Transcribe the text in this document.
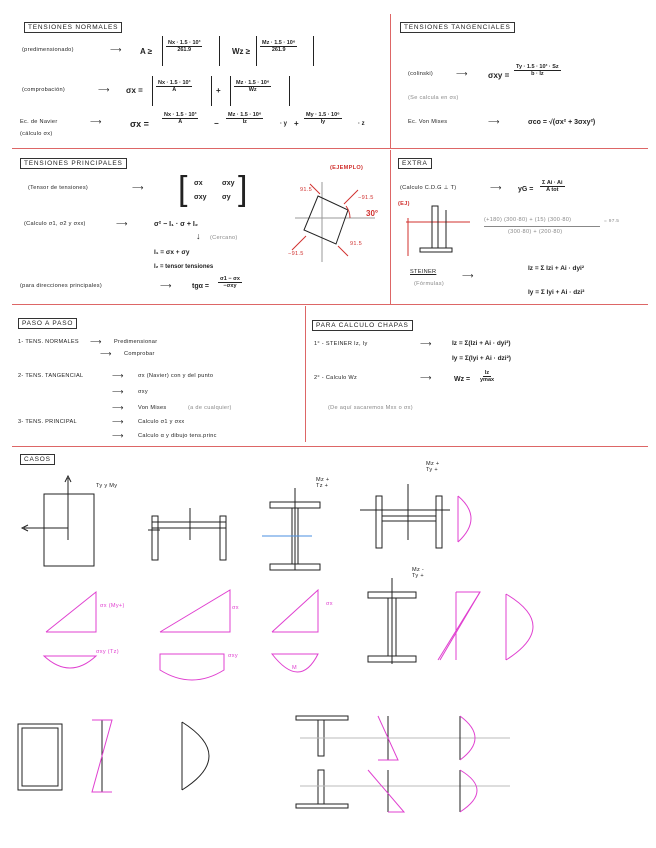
TENSIONES NORMALES
(predimensionado)	⟶ A ≥	$\frac{\text{Nx · 1.5 · 10³}}{261.9}$	$Wz \ge \frac{\text{Mz · 1.5 · 10⁶}}{261.9}$
(comprobación)	⟶ $\sigma x = \frac{\text{Nx · 1.5 · 10³}}{A}$	+ $\frac{\text{Mz · 1.5 · 10⁶}}{Wz}$
Ec. de Navier
(cálculo σx)
⟶	$\sigma x = \frac{\text{Nx · 1.5 · 10³}}{A} - \frac{\text{Mz · 1.5 · 10⁶}}{Iz}$	· $y + \frac{\text{My · 1.5 · 10⁶}}{Iy}$	· z
TENSIONES TANGENCIALES
(colinski)	⟶	$\sigma xy = \frac{\text{Ty · 1.5 · 10³ · Sz}}{b \cdot Iz}$
(Se calcula en σs)
Ec. Von Mises	⟶	σco = √(σx² + 3σxy²)
TENSIONES PRINCIPALES
(Tensor de tensiones)	⟶ [ σx	σxy
σxy σy ]
(Calculo σ1, σ2 y σxx)	⟶	σ² − I₁ · σ + I₂
↓ (Cercano)
I₁ = σx + σy
I₂ = tensor tensiones
(para direcciones principales)	⟶	tgα =
σ1 − σx
−σxy
(EJEMPLO)
91.5
−91.5
91.5
−91.5
30°
EXTRA
(Calculo C.D.G ⊥ T)	⟶ yG =
Σ Ai · Ai
A tot
(EJ)
(+180) (300·80) + (15) (300·80)	= 97.5
(300·80) + (200·80)
STEINER
(Fórmulas)
⟶
Iz = Σ Izi + Ai · dyi²
Iy = Σ Iyi + Ai · dzi²
PASO A PASO
1- TENS. NORMALES ⟶ Predimensionar
⟶ Comprobar
2- TENS. TANGENCIAL	⟶	σx (Navier) con y del punto
⟶	σxy
⟶	Von Mises	(a de cualquier)
3- TENS. PRINCIPAL	⟶	Calculo σ1 y σxx
⟶	Calculo α y dibujo tens.princ
PARA CALCULO CHAPAS
1° - STEINER Iz, Iy	⟶	Iz = Σ(Izi + Ai · dyi²)
Iy = Σ(Iyi + Ai · dzi²)
2° - Calculo Wz	⟶	Wz =
Iz
ymax
(De aquí sacaremos Mxx o σx)
CASOS
Ty y My
Mz + Tz +
Mz + Ty +
Mz - Ty +
σx (My+)	σx
σx
σxy (Tz)
σxy
M
